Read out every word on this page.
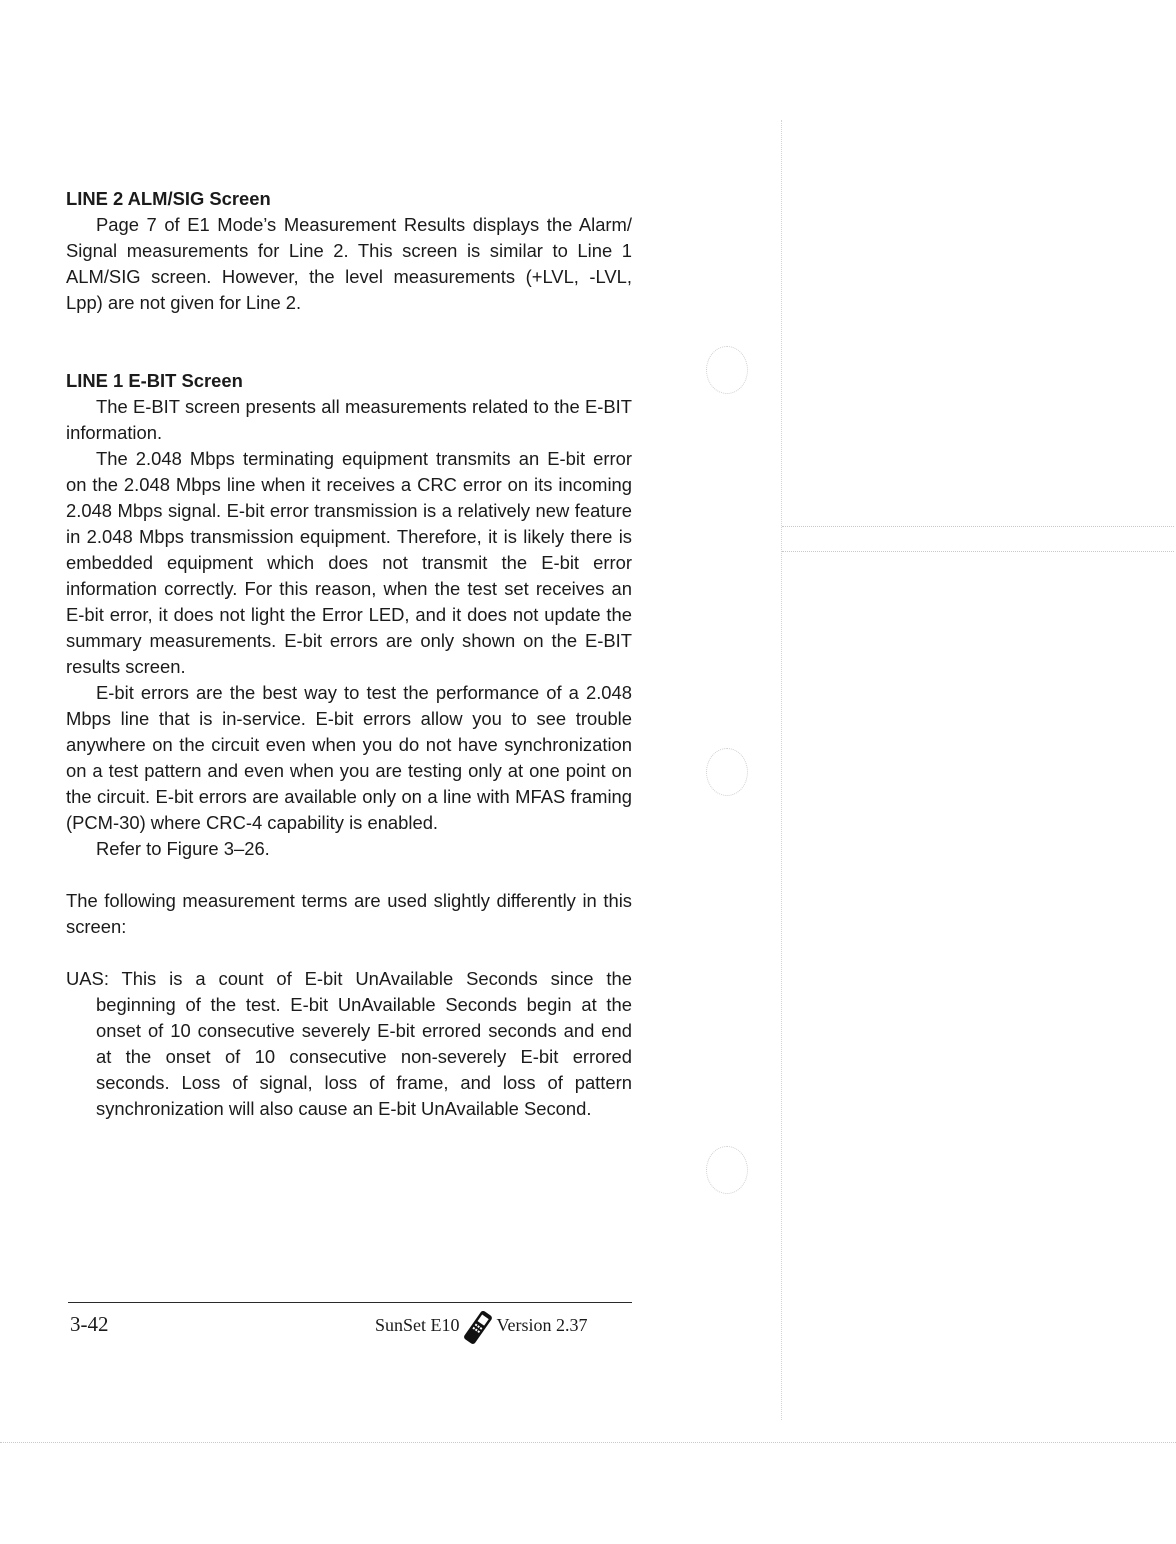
LINE 2 ALM/SIG Screen

Page 7 of E1 Mode’s Measurement Results displays the Alarm/ Signal measurements for Line 2. This screen is similar to Line 1 ALM/SIG screen. However, the level measurements (+LVL, -LVL, Lpp) are not given for Line 2.

LINE 1 E-BIT Screen

The E-BIT screen presents all measurements related to the E-BIT information.

The 2.048 Mbps terminating equipment transmits an E-bit error on the 2.048 Mbps line when it receives a CRC error on its incoming 2.048 Mbps signal. E-bit error transmission is a relatively new feature in 2.048 Mbps transmission equipment. Therefore, it is likely there is embedded equipment which does not transmit the E-bit error information correctly. For this reason, when the test set receives an E-bit error, it does not light the Error LED, and it does not update the summary measurements. E-bit errors are only shown on the E-BIT results screen.

E-bit errors are the best way to test the performance of a 2.048 Mbps line that is in-service. E-bit errors allow you to see trouble anywhere on the circuit even when you do not have synchronization on a test pattern and even when you are testing only at one point on the circuit. E-bit errors are available only on a line with MFAS framing (PCM-30) where CRC-4 capability is enabled.

Refer to Figure 3–26.

The following measurement terms are used slightly differently in this screen:

UAS: This is a count of E-bit UnAvailable Seconds since the beginning of the test. E-bit UnAvailable Seconds begin at the onset of 10 consecutive severely E-bit errored seconds and end at the onset of 10 consecutive non-severely E-bit errored seconds. Loss of signal, loss of frame, and loss of pattern synchronization will also cause an E-bit UnAvailable Second.

3-42	SunSet E10 Version 2.37
